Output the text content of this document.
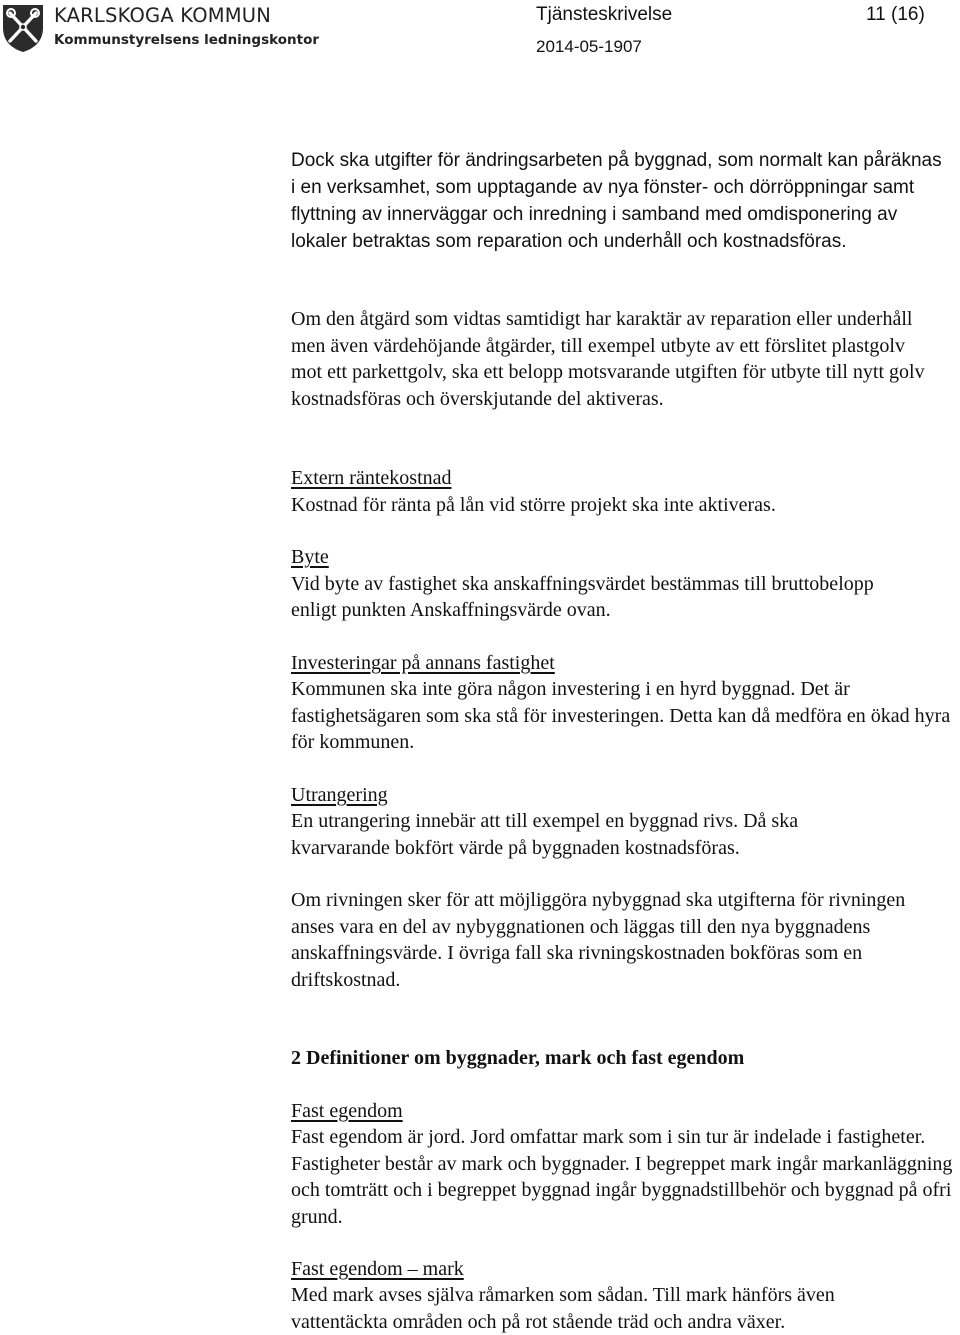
KARLSKOGA KOMMUN
Kommunstyrelsens ledningskontor
Tjänsteskrivelse	11 (16)
2014-05-1907

Dock ska utgifter för ändringsarbeten på byggnad, som normalt kan påräknas i en verksamhet, som upptagande av nya fönster- och dörröppningar samt flyttning av innerväggar och inredning i samband med omdisponering av lokaler betraktas som reparation och underhåll och kostnadsföras.

Om den åtgärd som vidtas samtidigt har karaktär av reparation eller underhåll men även värdehöjande åtgärder, till exempel utbyte av ett förslitet plastgolv mot ett parkettgolv, ska ett belopp motsvarande utgiften för utbyte till nytt golv kostnadsföras och överskjutande del aktiveras.

Extern räntekostnad
Kostnad för ränta på lån vid större projekt ska inte aktiveras.
Byte
Vid byte av fastighet ska anskaffningsvärdet bestämmas till bruttobelopp
enligt punkten Anskaffningsvärde ovan.
Investeringar på annans fastighet

Kommunen ska inte göra någon investering i en hyrd byggnad. Det är fastighetsägaren som ska stå för investeringen. Detta kan då medföra en ökad hyra för kommunen.

Utrangering

En utrangering innebär att till exempel en byggnad rivs. Då ska kvarvarande bokfört värde på byggnaden kostnadsföras.

Om rivningen sker för att möjliggöra nybyggnad ska utgifterna för rivningen anses vara en del av nybyggnationen och läggas till den nya byggnadens anskaffningsvärde. I övriga fall ska rivningskostnaden bokföras som en driftskostnad.

2 Definitioner om byggnader, mark och fast egendom
Fast egendom

Fast egendom är jord. Jord omfattar mark som i sin tur är indelade i fastigheter. Fastigheter består av mark och byggnader. I begreppet mark ingår markanläggning och tomträtt och i begreppet byggnad ingår byggnadstillbehör och byggnad på ofri grund.

Fast egendom – mark

Med mark avses själva råmarken som sådan. Till mark hänförs även vattentäckta områden och på rot stående träd och andra växer.
